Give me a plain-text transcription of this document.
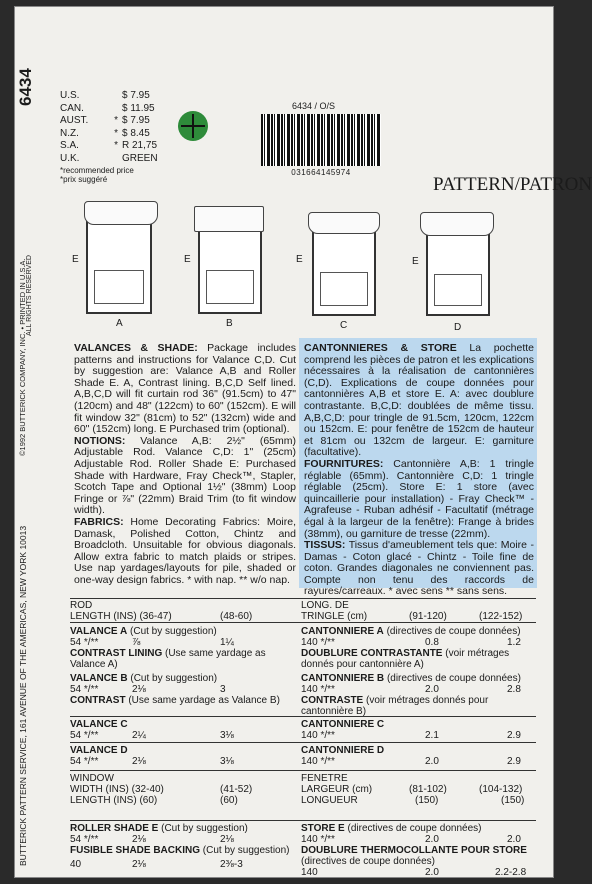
6434
©1992 BUTTERICK COMPANY, INC. • PRINTED IN U.S.A. ALL RIGHTS RESERVED
BUTTERICK PATTERN SERVICE, 161 AVENUE OF THE AMERICAS, NEW YORK 10013
U.S.	$ 7.95
CAN.	$ 11.95
AUST.	* $ 7.95
N.Z.	* $ 8.45
S.A.	* R 21,75
U.K.	GREEN
*recommended price
*prix suggéré
6434 / O/S
031664145974
PATTERN/PATRON
E
A
E
B
E
C
E
D
VALANCES & SHADE: Package includes patterns and instructions for Valance C,D. Cut by suggestion are: Valance A,B and Roller Shade E. A, Contrast lining. B,C,D Self lined. A,B,C,D will fit curtain rod 36" (91.5cm) to 47" (120cm) and 48" (122cm) to 60" (152cm). E will fit window 32" (81cm) to 52" (132cm) wide and 60" (152cm) long. E Purchased trim (optional).
NOTIONS: Valance A,B: 2½" (65mm) Adjustable Rod. Valance C,D: 1" (25cm) Adjustable Rod. Roller Shade E: Purchased Shade with Hardware, Fray Check™, Stapler, Scotch Tape and Optional 1½" (38mm) Loop Fringe or ⅞" (22mm) Braid Trim (to fit window width).
FABRICS: Home Decorating Fabrics: Moire, Damask, Polished Cotton, Chintz and Broadcloth. Unsuitable for obvious diagonals. Allow extra fabric to match plaids or stripes. Use nap yardages/layouts for pile, shaded or one-way design fabrics. * with nap. ** w/o nap.
CANTONNIERES & STORE La pochette comprend les pièces de patron et les explications nécessaires à la réalisation de cantonnières (C,D). Explications de coupe données pour cantonnières A,B et store E. A: avec doublure contrastante. B,C,D: doublées de même tissu. A,B,C,D: pour tringle de 91.5cm, 120cm, 122cm ou 152cm. E: pour fenêtre de 152cm de hauteur et 81cm ou 132cm de largeur. E: garniture (facultative).
FOURNITURES: Cantonnière A,B: 1 tringle réglable (65mm). Cantonnière C,D: 1 tringle réglable (25cm). Store E: 1 store (avec quincaillerie pour installation) - Fray Check™ - Agrafeuse - Ruban adhésif - Facultatif (métrage égal à la largeur de la fenêtre): Frange à brides (38mm), ou garniture de tresse (22mm).
TISSUS: Tissus d'ameublement tels que: Moire - Damas - Coton glacé - Chintz - Toile fine de coton. Grandes diagonales ne conviennent pas. Compte non tenu des raccords de rayures/carreaux. * avec sens ** sans sens.
ROD
LENGTH (INS) (36-47)	(48-60)
VALANCE A (Cut by suggestion)
54 */**	⅞	1¼
CONTRAST LINING (Use same yardage as Valance A)
VALANCE B (Cut by suggestion)
54 */**	2⅛	3
CONTRAST (Use same yardage as Valance B)
VALANCE C
54 */**	2¼	3⅛
VALANCE D
54 */**	2⅛	3⅛
WINDOW
WIDTH (INS) (32-40)	(41-52)
LENGTH (INS) (60)	(60)
ROLLER SHADE E (Cut by suggestion)
54 */**	2⅛	2⅛
FUSIBLE SHADE BACKING (Cut by suggestion)
40	2⅛	2⅜-3
LONG. DE
TRINGLE (cm)	(91-120)	(122-152)
CANTONNIERE A (directives de coupe données)
140 */**	0.8	1.2
DOUBLURE CONTRASTANTE (voir métrages donnés pour cantonnière A)
CANTONNIERE B (directives de coupe données)
140 */**	2.0	2.8
CONTRASTE (voir métrages donnés pour cantonnière B)
CANTONNIERE C
140 */**	2.1	2.9
CANTONNIERE D
140 */**	2.0	2.9
FENETRE
LARGEUR (cm)	(81-102)	(104-132)
LONGUEUR	(150)	(150)
STORE E (directives de coupe données)
140 */**	2.0	2.0
DOUBLURE THERMOCOLLANTE POUR STORE
(directives de coupe données)
140	2.0	2.2-2.8
